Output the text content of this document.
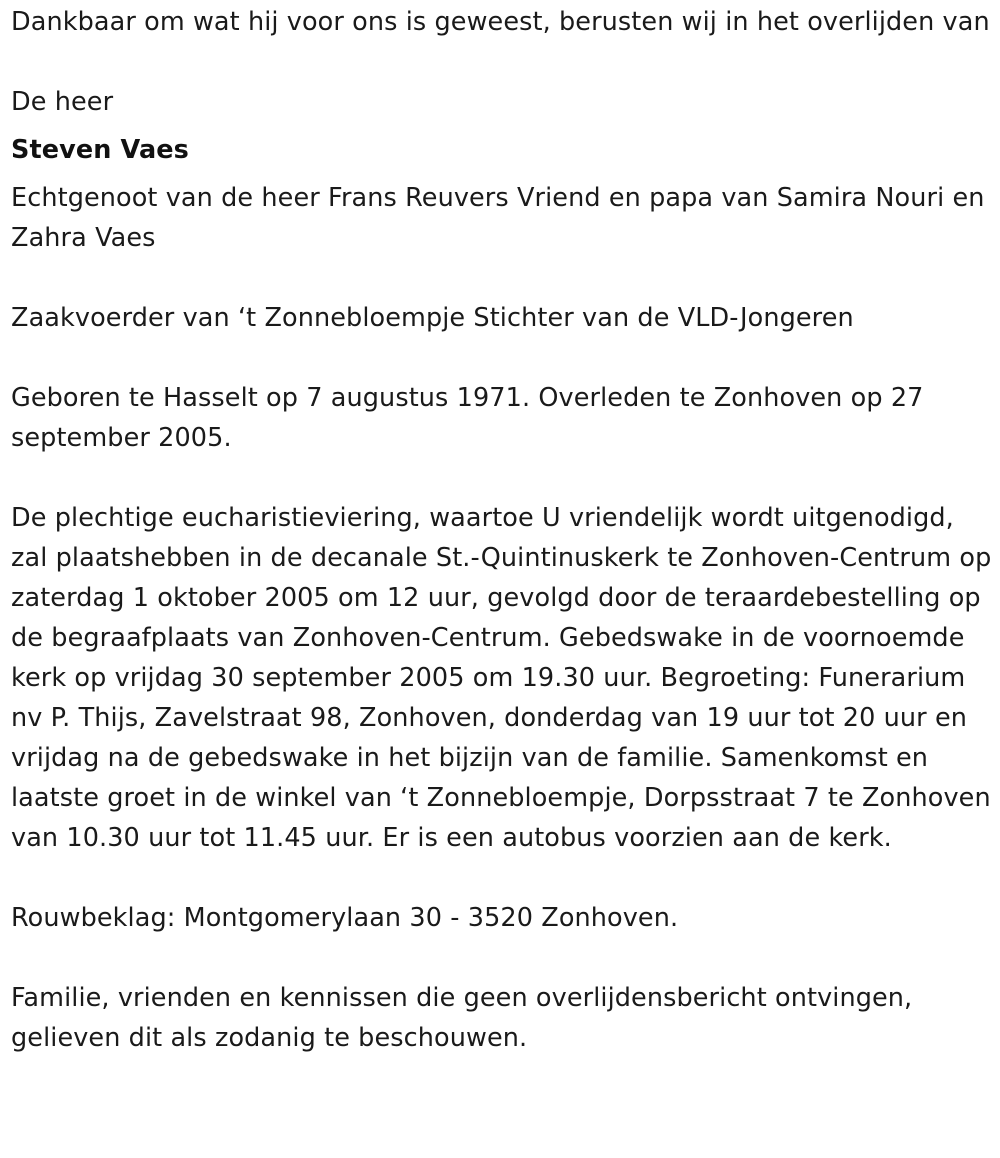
Dankbaar om wat hij voor ons is geweest, berusten wij in het overlijden van

De heer

Steven Vaes

Echtgenoot van de heer Frans Reuvers Vriend en papa van Samira Nouri en Zahra Vaes

Zaakvoerder van ‘t Zonnebloempje Stichter van de VLD-Jongeren

Geboren te Hasselt op 7 augustus 1971. Overleden te Zonhoven op 27 september 2005.

De plechtige eucharistieviering, waartoe U vriendelijk wordt uitgenodigd, zal plaatshebben in de decanale St.-Quintinuskerk te Zonhoven-Centrum op zaterdag 1 oktober 2005 om 12 uur, gevolgd door de teraardebestelling op de begraafplaats van Zonhoven-Centrum. Gebedswake in de voornoemde kerk op vrijdag 30 september 2005 om 19.30 uur. Begroeting: Funerarium nv P. Thijs, Zavelstraat 98, Zonhoven, donderdag van 19 uur tot 20 uur en vrijdag na de gebedswake in het bijzijn van de familie. Samenkomst en laatste groet in de winkel van ‘t Zonnebloempje, Dorpsstraat 7 te Zonhoven van 10.30 uur tot 11.45 uur. Er is een autobus voorzien aan de kerk.

Rouwbeklag: Montgomerylaan 30 - 3520 Zonhoven.

Familie, vrienden en kennissen die geen overlijdensbericht ontvingen, gelieven dit als zodanig te beschouwen.
